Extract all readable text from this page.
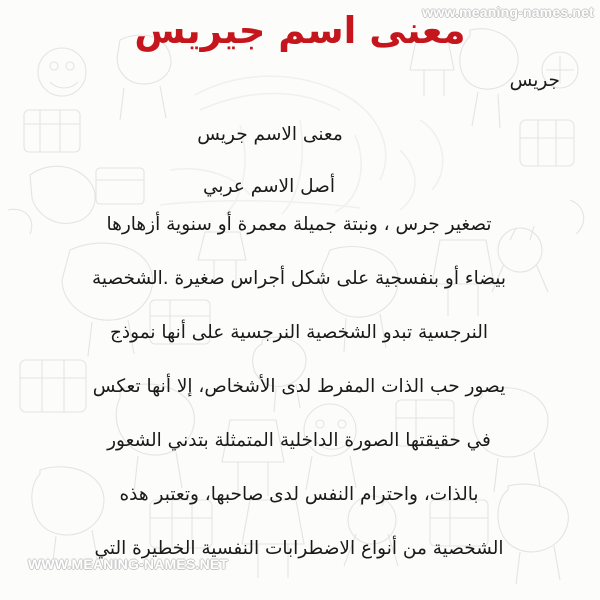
www.meaning-names.net
WWW.MEANING-NAMES.NET
معنى اسم جيريس
جريس
معنى الاسم جريس
أصل الاسم عربي
تصغير جرس ، ونبتة جميلة معمرة أو سنوية أزهارها
بيضاء أو بنفسجية على شكل أجراس صغيرة .الشخصية
النرجسية تبدو الشخصية النرجسية على أنها نموذج
يصور حب الذات المفرط لدى الأشخاص، إلا أنها تعكس
في حقيقتها الصورة الداخلية المتمثلة بتدني الشعور
بالذات، واحترام النفس لدى صاحبها، وتعتبر هذه
الشخصية من أنواع الاضطرابات النفسية الخطيرة التي
